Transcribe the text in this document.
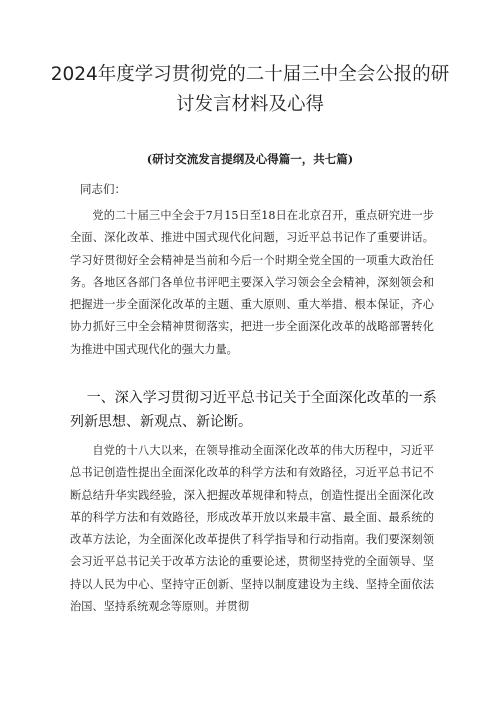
2024年度学习贯彻党的二十届三中全会公报的研讨发言材料及心得
(研讨交流发言提纲及心得篇一，共七篇)
同志们：
党的二十届三中全会于7月15日至18日在北京召开，重点研究进一步全面、深化改革、推进中国式现代化问题，习近平总书记作了重要讲话。学习好贯彻好全会精神是当前和今后一个时期全党全国的一项重大政治任务。各地区各部门各单位书评吧主要深入学习领会全会精神，深刻领会和把握进一步全面深化改革的主题、重大原则、重大举措、根本保证，齐心协力抓好三中全会精神贯彻落实，把进一步全面深化改革的战略部署转化为推进中国式现代化的强大力量。
一、深入学习贯彻习近平总书记关于全面深化改革的一系列新思想、新观点、新论断。
自党的十八大以来，在领导推动全面深化改革的伟大历程中，习近平总书记创造性提出全面深化改革的科学方法和有效路径，习近平总书记不断总结升华实践经验，深入把握改革规律和特点，创造性提出全面深化改革的科学方法和有效路径，形成改革开放以来最丰富、最全面、最系统的改革方法论，为全面深化改革提供了科学指导和行动指南。我们要深刻领会习近平总书记关于改革方法论的重要论述，贯彻坚持党的全面领导、坚持以人民为中心、坚持守正创新、坚持以制度建设为主线、坚持全面依法治国、坚持系统观念等原则。并贯彻
